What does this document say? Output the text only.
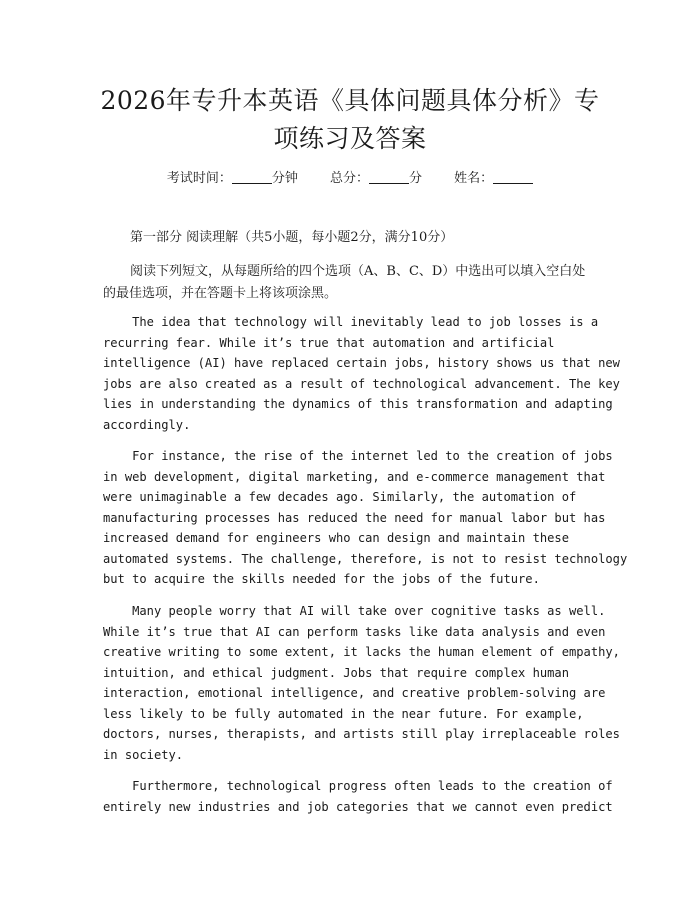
2026年专升本英语《具体问题具体分析》专
项练习及答案
考试时间：	分钟 总分：	分 姓名：
第一部分 阅读理解（共5小题，每小题2分，满分10分）

阅读下列短文，从每题所给的四个选项（A、B、C、D）中选出可以填入空白处的最佳选项，并在答题卡上将该项涂黑。

The idea that technology will inevitably lead to job losses is a
recurring fear. While it’s true that automation and artificial
intelligence (AI) have replaced certain jobs, history shows us that new
jobs are also created as a result of technological advancement. The key
lies in understanding the dynamics of this transformation and adapting
accordingly.
For instance, the rise of the internet led to the creation of jobs
in web development, digital marketing, and e-commerce management that
were unimaginable a few decades ago. Similarly, the automation of
manufacturing processes has reduced the need for manual labor but has
increased demand for engineers who can design and maintain these
automated systems. The challenge, therefore, is not to resist technology
but to acquire the skills needed for the jobs of the future.
Many people worry that AI will take over cognitive tasks as well.
While it’s true that AI can perform tasks like data analysis and even
creative writing to some extent, it lacks the human element of empathy,
intuition, and ethical judgment. Jobs that require complex human
interaction, emotional intelligence, and creative problem-solving are
less likely to be fully automated in the near future. For example,
doctors, nurses, therapists, and artists still play irreplaceable roles
in society.
Furthermore, technological progress often leads to the creation of
entirely new industries and job categories that we cannot even predict
